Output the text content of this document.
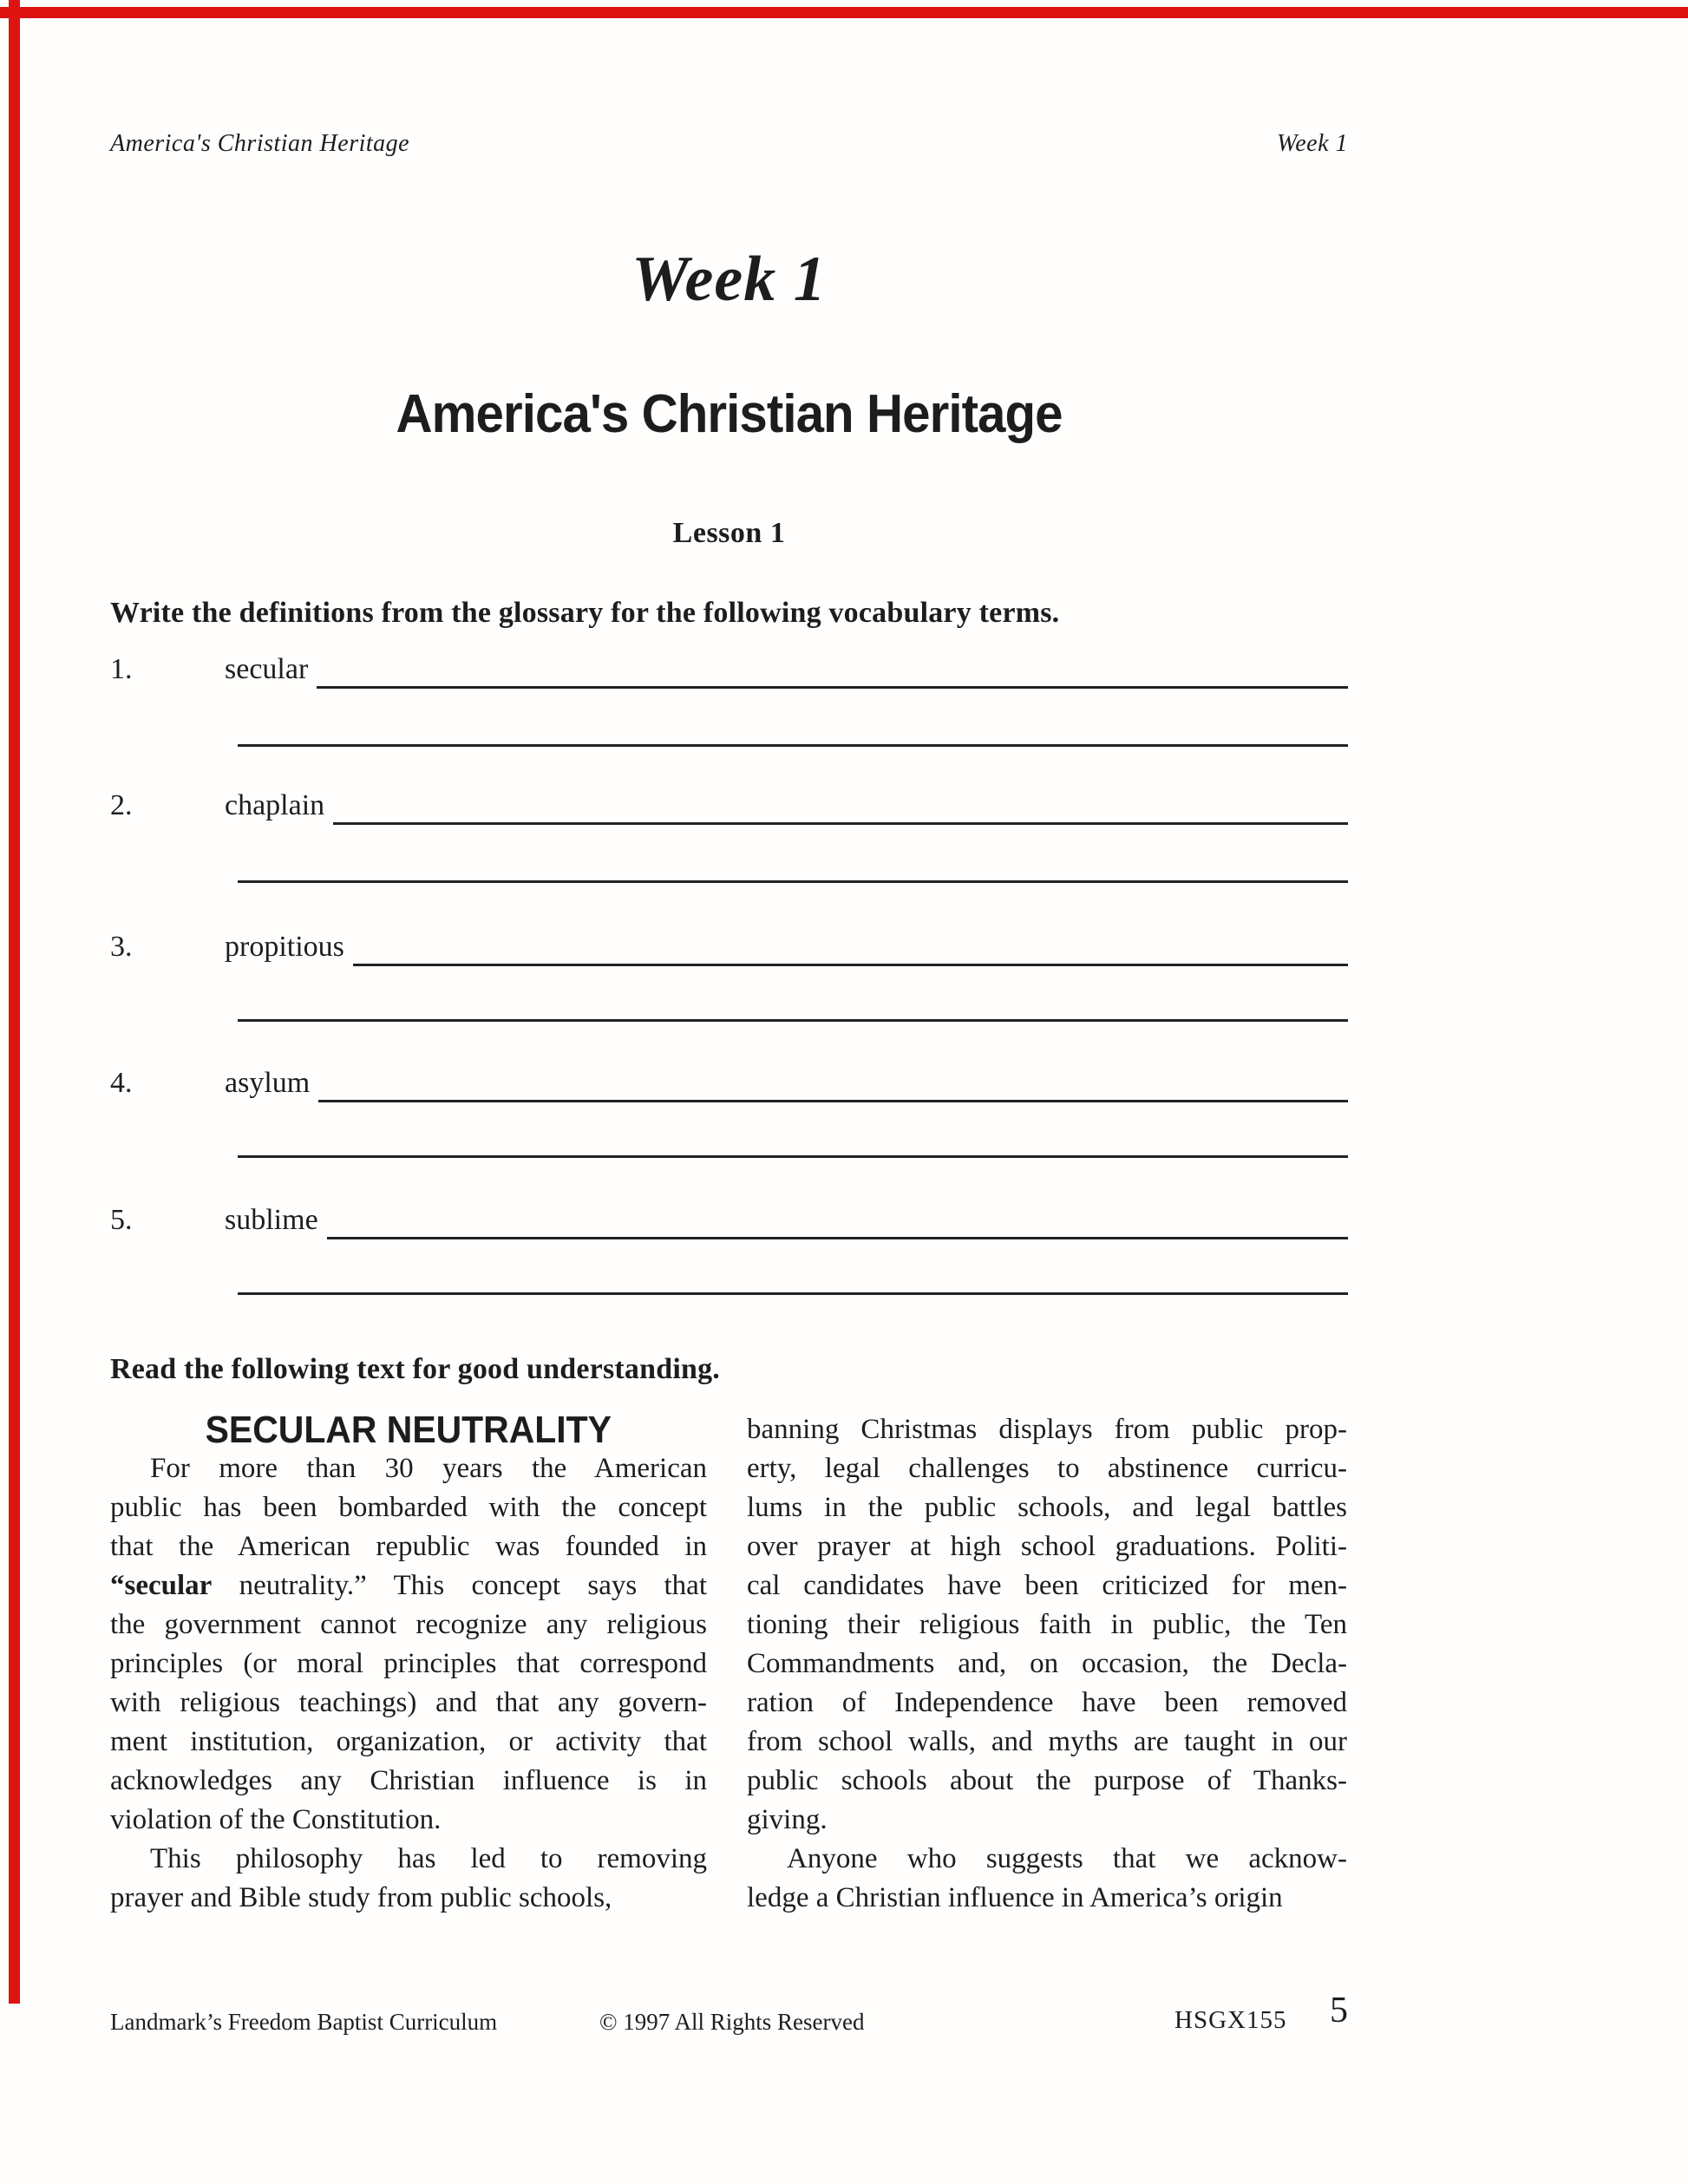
America's Christian Heritage	Week 1
Week 1
America's Christian Heritage
Lesson 1
Write the definitions from the glossary for the following vocabulary terms.
1.	secular
2.	chaplain
3.	propitious
4.	asylum
5.	sublime
Read the following text for good understanding.
SECULAR NEUTRALITY
For more than 30 years the American
public has been bombarded with the concept
that the American republic was founded in
“secular neutrality.” This concept says that
the government cannot recognize any religious
principles (or moral principles that correspond
with religious teachings) and that any govern-
ment institution, organization, or activity that
acknowledges any Christian influence is in
violation of the Constitution.
This philosophy has led to removing
prayer and Bible study from public schools,
banning Christmas displays from public prop-
erty, legal challenges to abstinence curricu-
lums in the public schools, and legal battles
over prayer at high school graduations. Politi-
cal candidates have been criticized for men-
tioning their religious faith in public, the Ten
Commandments and, on occasion, the Decla-
ration of Independence have been removed
from school walls, and myths are taught in our
public schools about the purpose of Thanks-
giving.
Anyone who suggests that we acknow-
ledge a Christian influence in America’s origin
Landmark’s Freedom Baptist Curriculum	© 1997 All Rights Reserved	HSGX155 5
